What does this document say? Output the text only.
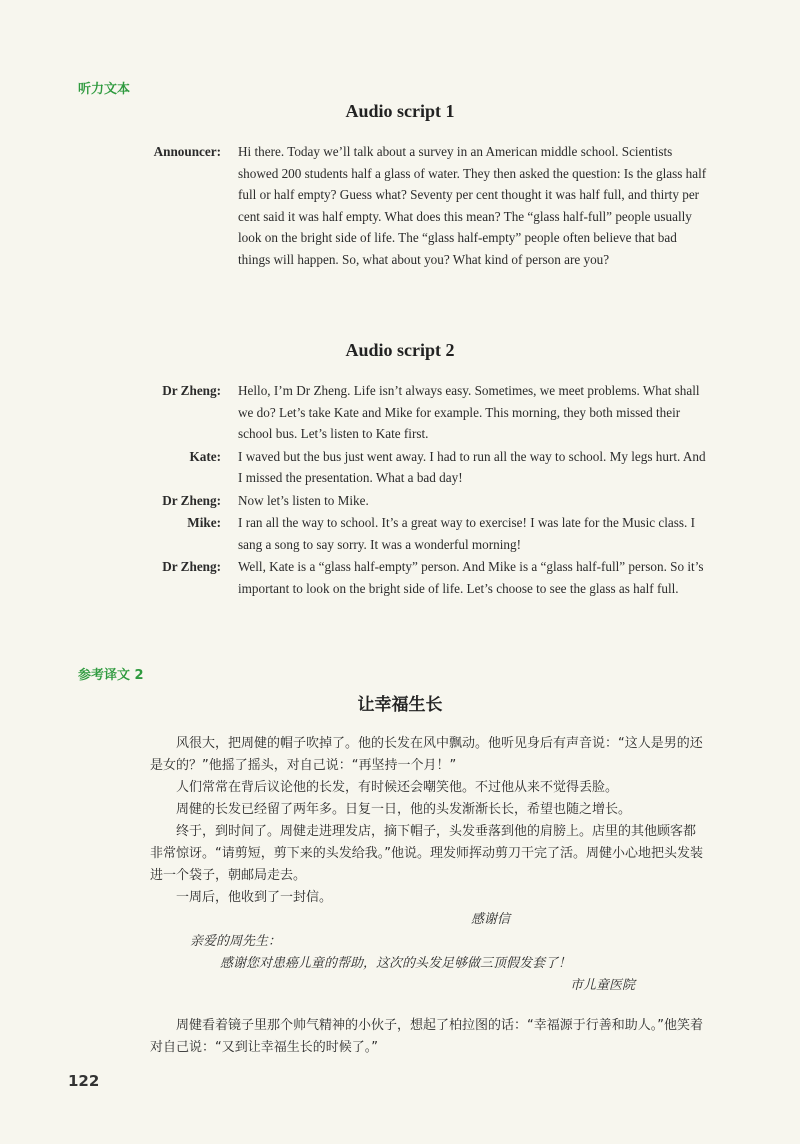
听力文本
Audio script 1
Announcer:	Hi there. Today we’ll talk about a survey in an American middle school. Scientists showed 200 students half a glass of water. They then asked the question: Is the glass half full or half empty? Guess what? Seventy per cent thought it was half full, and thirty per cent said it was half empty. What does this mean? The “glass half-full” people usually look on the bright side of life. The “glass half-empty” people often believe that bad things will happen. So, what about you? What kind of person are you?
Audio script 2
Dr Zheng:	Hello, I’m Dr Zheng. Life isn’t always easy. Sometimes, we meet problems. What shall we do? Let’s take Kate and Mike for example. This morning, they both missed their school bus. Let’s listen to Kate first.
Kate:	I waved but the bus just went away. I had to run all the way to school. My legs hurt. And I missed the presentation. What a bad day!
Dr Zheng:	Now let’s listen to Mike.
Mike:	I ran all the way to school. It’s a great way to exercise! I was late for the Music class. I sang a song to say sorry. It was a wonderful morning!
Dr Zheng:	Well, Kate is a “glass half-empty” person. And Mike is a “glass half-full” person. So it’s important to look on the bright side of life. Let’s choose to see the glass as half full.
参考译文 2
让幸福生长

风很大，把周健的帽子吹掉了。他的长发在风中飘动。他听见身后有声音说：“这人是男的还是女的？”他摇了摇头，对自己说：“再坚持一个月！”

人们常常在背后议论他的长发，有时候还会嘲笑他。不过他从来不觉得丢脸。

周健的长发已经留了两年多。日复一日，他的头发渐渐长长，希望也随之增长。

终于，到时间了。周健走进理发店，摘下帽子，头发垂落到他的肩膀上。店里的其他顾客都非常惊讶。“请剪短，剪下来的头发给我。”他说。理发师挥动剪刀干完了活。周健小心地把头发装进一个袋子，朝邮局走去。

一周后，他收到了一封信。

感谢信

亲爱的周先生：

感谢您对患癌儿童的帮助，这次的头发足够做三顶假发套了！

市儿童医院

周健看着镜子里那个帅气精神的小伙子，想起了柏拉图的话：“幸福源于行善和助人。”他笑着对自己说：“又到让幸福生长的时候了。”

122
